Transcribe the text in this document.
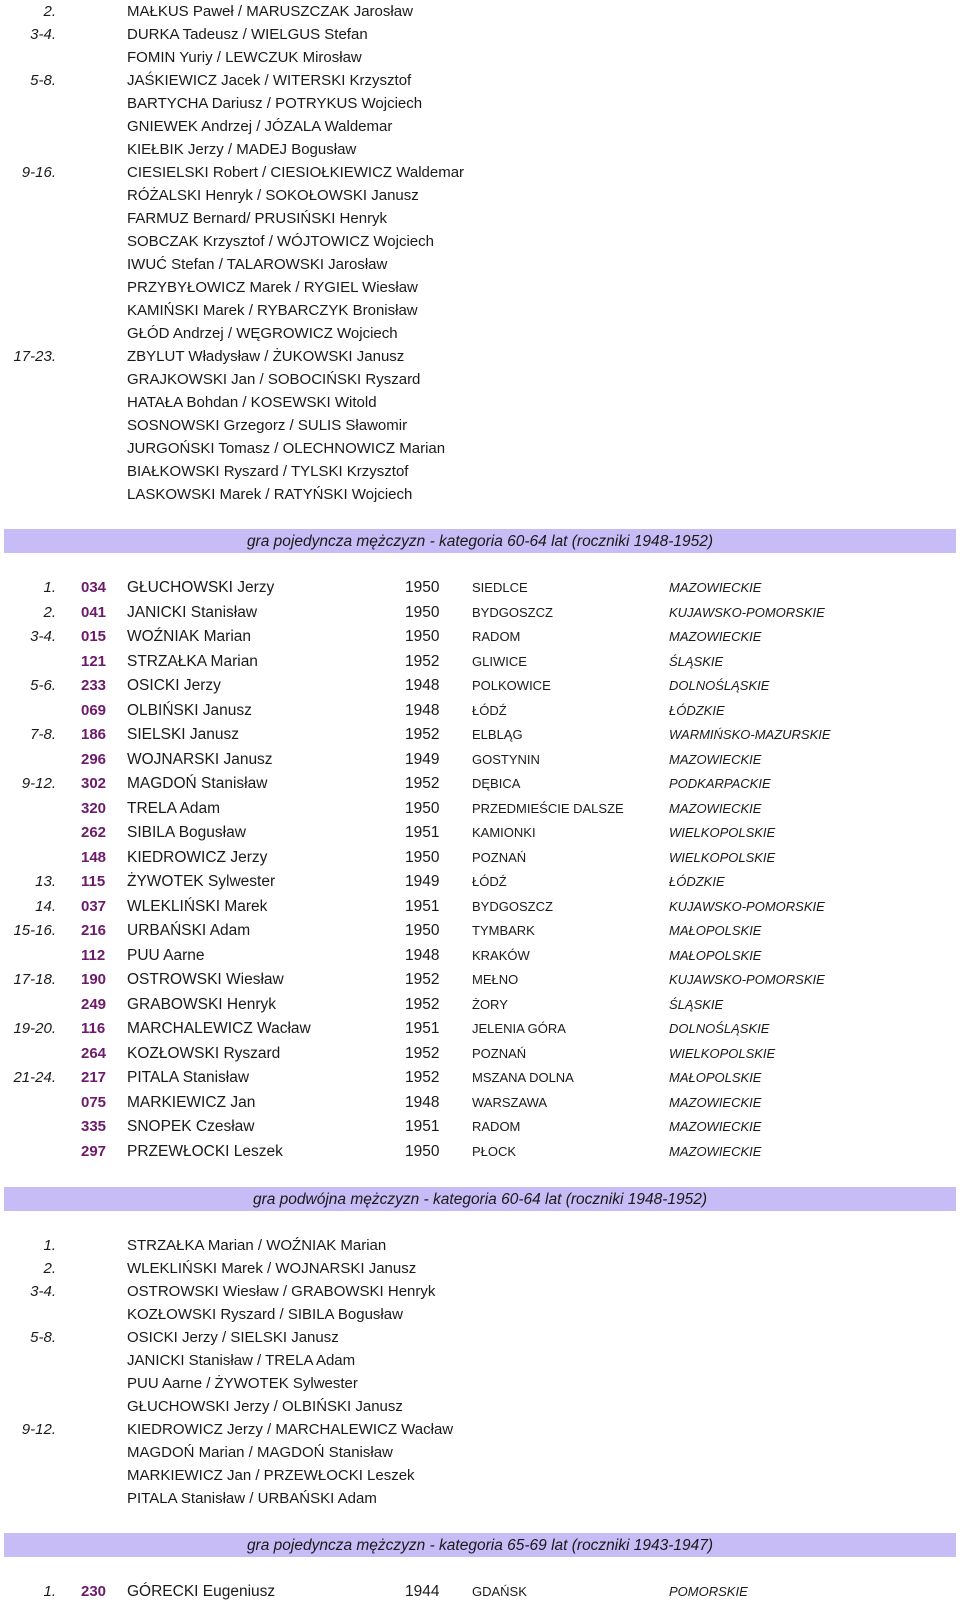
2.	MAŁKUS Paweł / MARUSZCZAK Jarosław
3-4.	DURKA Tadeusz / WIELGUS Stefan
FOMIN Yuriy / LEWCZUK Mirosław
5-8.	JAŚKIEWICZ Jacek / WITERSKI Krzysztof
BARTYCHA Dariusz / POTRYKUS Wojciech
GNIEWEK Andrzej / JÓZALA Waldemar
KIEŁBIK Jerzy / MADEJ Bogusław
9-16.	CIESIELSKI Robert / CIESIOŁKIEWICZ Waldemar
RÓŻALSKI Henryk / SOKOŁOWSKI Janusz
FARMUZ Bernard/ PRUSIŃSKI Henryk
SOBCZAK Krzysztof / WÓJTOWICZ Wojciech
IWUĆ Stefan / TALAROWSKI Jarosław
PRZYBYŁOWICZ Marek / RYGIEL Wiesław
KAMIŃSKI Marek / RYBARCZYK Bronisław
GŁÓD Andrzej / WĘGROWICZ Wojciech
17-23.	ZBYLUT Władysław / ŻUKOWSKI Janusz
GRAJKOWSKI Jan / SOBOCIŃSKI Ryszard
HATAŁA Bohdan / KOSEWSKI Witold
SOSNOWSKI Grzegorz / SULIS Sławomir
JURGOŃSKI Tomasz / OLECHNOWICZ Marian
BIAŁKOWSKI Ryszard / TYLSKI Krzysztof
LASKOWSKI Marek / RATYŃSKI Wojciech
gra pojedyncza mężczyzn - kategoria 60-64 lat (roczniki 1948-1952)
1. 034 GŁUCHOWSKI Jerzy	1950	SIEDLCE	MAZOWIECKIE
2. 041 JANICKI Stanisław	1950	BYDGOSZCZ	KUJAWSKO-POMORSKIE
3-4. 015 WOŹNIAK Marian	1950	RADOM	MAZOWIECKIE
121 STRZAŁKA Marian	1952	GLIWICE	ŚLĄSKIE
5-6. 233 OSICKI Jerzy	1948	POLKOWICE	DOLNOŚLĄSKIE
069 OLBIŃSKI Janusz	1948	ŁÓDŹ	ŁÓDZKIE
7-8. 186 SIELSKI Janusz	1952	ELBLĄG	WARMIŃSKO-MAZURSKIE
296 WOJNARSKI Janusz	1949	GOSTYNIN	MAZOWIECKIE
9-12. 302 MAGDOŃ Stanisław	1952	DĘBICA	PODKARPACKIE
320 TRELA Adam	1950	PRZEDMIEŚCIE DALSZE	MAZOWIECKIE
262 SIBILA Bogusław	1951	KAMIONKI	WIELKOPOLSKIE
148 KIEDROWICZ Jerzy	1950	POZNAŃ	WIELKOPOLSKIE
13. 115 ŻYWOTEK Sylwester	1949	ŁÓDŹ	ŁÓDZKIE
14. 037 WLEKLIŃSKI Marek	1951	BYDGOSZCZ	KUJAWSKO-POMORSKIE
15-16. 216 URBAŃSKI Adam	1950	TYMBARK	MAŁOPOLSKIE
112 PUU Aarne	1948	KRAKÓW	MAŁOPOLSKIE
17-18. 190 OSTROWSKI Wiesław	1952	MEŁNO	KUJAWSKO-POMORSKIE
249 GRABOWSKI Henryk	1952	ŻORY	ŚLĄSKIE
19-20. 116 MARCHALEWICZ Wacław	1951	JELENIA GÓRA	DOLNOŚLĄSKIE
264 KOZŁOWSKI Ryszard	1952	POZNAŃ	WIELKOPOLSKIE
21-24. 217 PITALA Stanisław	1952	MSZANA DOLNA	MAŁOPOLSKIE
075 MARKIEWICZ Jan	1948	WARSZAWA	MAZOWIECKIE
335 SNOPEK Czesław	1951	RADOM	MAZOWIECKIE
297 PRZEWŁOCKI Leszek	1950	PŁOCK	MAZOWIECKIE
gra podwójna mężczyzn - kategoria 60-64 lat (roczniki 1948-1952)
1.	STRZAŁKA Marian / WOŹNIAK Marian
2.	WLEKLIŃSKI Marek / WOJNARSKI Janusz
3-4.	OSTROWSKI Wiesław / GRABOWSKI Henryk
KOZŁOWSKI Ryszard / SIBILA Bogusław
5-8.	OSICKI Jerzy / SIELSKI Janusz
JANICKI Stanisław / TRELA Adam
PUU Aarne / ŻYWOTEK Sylwester
GŁUCHOWSKI Jerzy / OLBIŃSKI Janusz
9-12.	KIEDROWICZ Jerzy / MARCHALEWICZ Wacław
MAGDOŃ Marian / MAGDOŃ Stanisław
MARKIEWICZ Jan / PRZEWŁOCKI Leszek
PITALA Stanisław / URBAŃSKI Adam
gra pojedyncza mężczyzn - kategoria 65-69 lat (roczniki 1943-1947)
1. 230 GÓRECKI Eugeniusz	1944	GDAŃSK	POMORSKIE
